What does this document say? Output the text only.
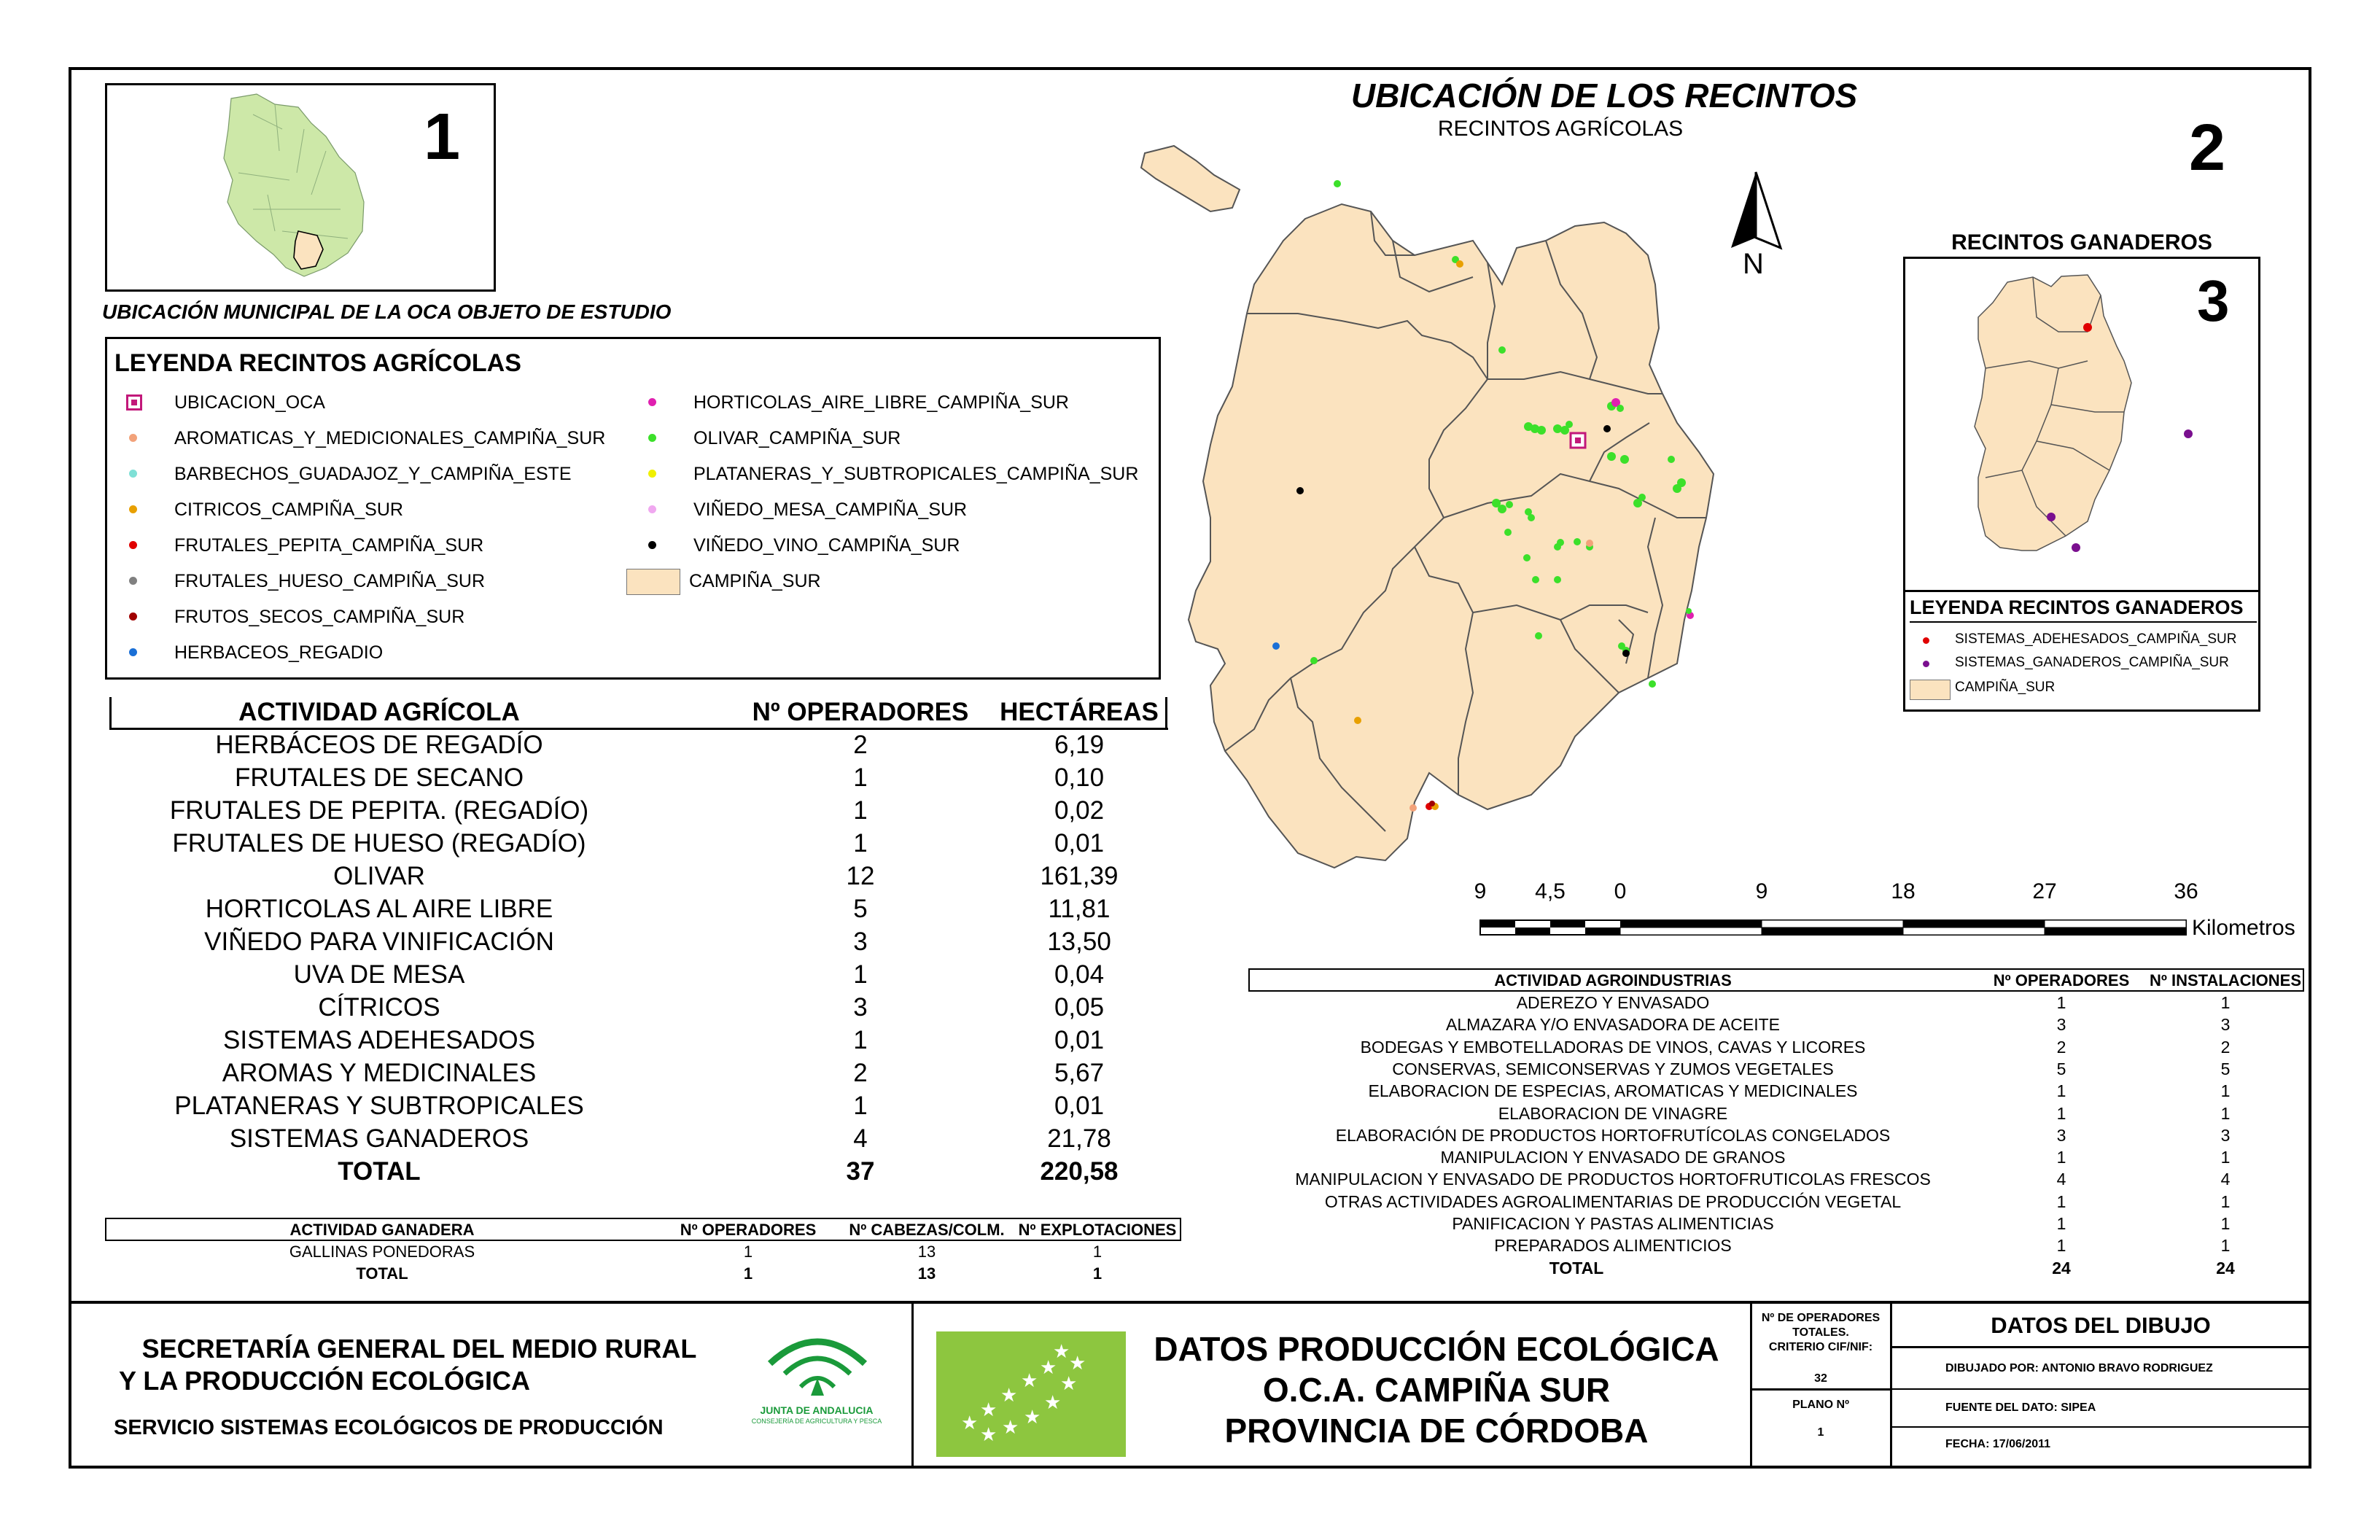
1
UBICACIÓN MUNICIPAL DE LA OCA OBJETO DE ESTUDIO
LEYENDA RECINTOS AGRÍCOLAS
UBICACION_OCA
AROMATICAS_Y_MEDICIONALES_CAMPIÑA_SUR
BARBECHOS_GUADAJOZ_Y_CAMPIÑA_ESTE
CITRICOS_CAMPIÑA_SUR
FRUTALES_PEPITA_CAMPIÑA_SUR
FRUTALES_HUESO_CAMPIÑA_SUR
FRUTOS_SECOS_CAMPIÑA_SUR
HERBACEOS_REGADIO
HORTICOLAS_AIRE_LIBRE_CAMPIÑA_SUR
OLIVAR_CAMPIÑA_SUR
PLATANERAS_Y_SUBTROPICALES_CAMPIÑA_SUR
VIÑEDO_MESA_CAMPIÑA_SUR
VIÑEDO_VINO_CAMPIÑA_SUR
CAMPIÑA_SUR
ACTIVIDAD AGRÍCOLA	Nº OPERADORES	HECTÁREAS
HERBÁCEOS DE REGADÍO	2	6,19
FRUTALES DE SECANO	1	0,10
FRUTALES DE PEPITA. (REGADÍO)	1	0,02
FRUTALES DE HUESO (REGADÍO)	1	0,01
OLIVAR	12	161,39
HORTICOLAS AL AIRE LIBRE	5	11,81
VIÑEDO PARA VINIFICACIÓN	3	13,50
UVA DE MESA	1	0,04
CÍTRICOS	3	0,05
SISTEMAS ADEHESADOS	1	0,01
AROMAS Y MEDICINALES	2	5,67
PLATANERAS Y SUBTROPICALES	1	0,01
SISTEMAS GANADEROS	4	21,78
TOTAL	37	220,58
ACTIVIDAD GANADERA	Nº OPERADORES	Nº CABEZAS/COLM. Nº EXPLOTACIONES
GALLINAS PONEDORAS	1	13	1
TOTAL	1	13	1
UBICACIÓN DE LOS RECINTOS
RECINTOS AGRÍCOLAS	2
N
RECINTOS GANADEROS
3
LEYENDA RECINTOS GANADEROS
SISTEMAS_ADEHESADOS_CAMPIÑA_SUR
SISTEMAS_GANADEROS_CAMPIÑA_SUR
CAMPIÑA_SUR
9	4,5	0	9	18	27	36
Kilometros
ACTIVIDAD AGROINDUSTRIAS	Nº OPERADORES	Nº INSTALACIONES
ADEREZO Y ENVASADO	1	1
ALMAZARA Y/O ENVASADORA DE ACEITE	3	3
BODEGAS Y EMBOTELLADORAS DE VINOS, CAVAS Y LICORES	2	2
CONSERVAS, SEMICONSERVAS Y ZUMOS VEGETALES	5	5
ELABORACION DE ESPECIAS, AROMATICAS Y MEDICINALES	1	1
ELABORACION DE VINAGRE	1	1
ELABORACIÓN DE PRODUCTOS HORTOFRUTÍCOLAS CONGELADOS	3	3
MANIPULACION Y ENVASADO DE GRANOS	1	1
MANIPULACION Y ENVASADO DE PRODUCTOS HORTOFRUTICOLAS FRESCOS	4	4
OTRAS ACTIVIDADES AGROALIMENTARIAS DE PRODUCCIÓN VEGETAL	1	1
PANIFICACION Y PASTAS ALIMENTICIAS	1	1
PREPARADOS ALIMENTICIOS	1	1
TOTAL	24	24
SECRETARÍA GENERAL DEL MEDIO RURAL
Y LA PRODUCCIÓN ECOLÓGICA
SERVICIO SISTEMAS ECOLÓGICOS DE PRODUCCIÓN
JUNTA DE ANDALUCIA
CONSEJERÍA DE AGRICULTURA Y PESCA
★ ★ ★
★
★
★
★
★
★
★
★
★
DATOS PRODUCCIÓN ECOLÓGICA
O.C.A. CAMPIÑA SUR
PROVINCIA DE CÓRDOBA
Nº DE OPERADORES
TOTALES.
CRITERIO CIF/NIF:
32
PLANO Nº
1
DATOS DEL DIBUJO
DIBUJADO POR: ANTONIO BRAVO RODRIGUEZ
FUENTE DEL DATO: SIPEA
FECHA: 17/06/2011
